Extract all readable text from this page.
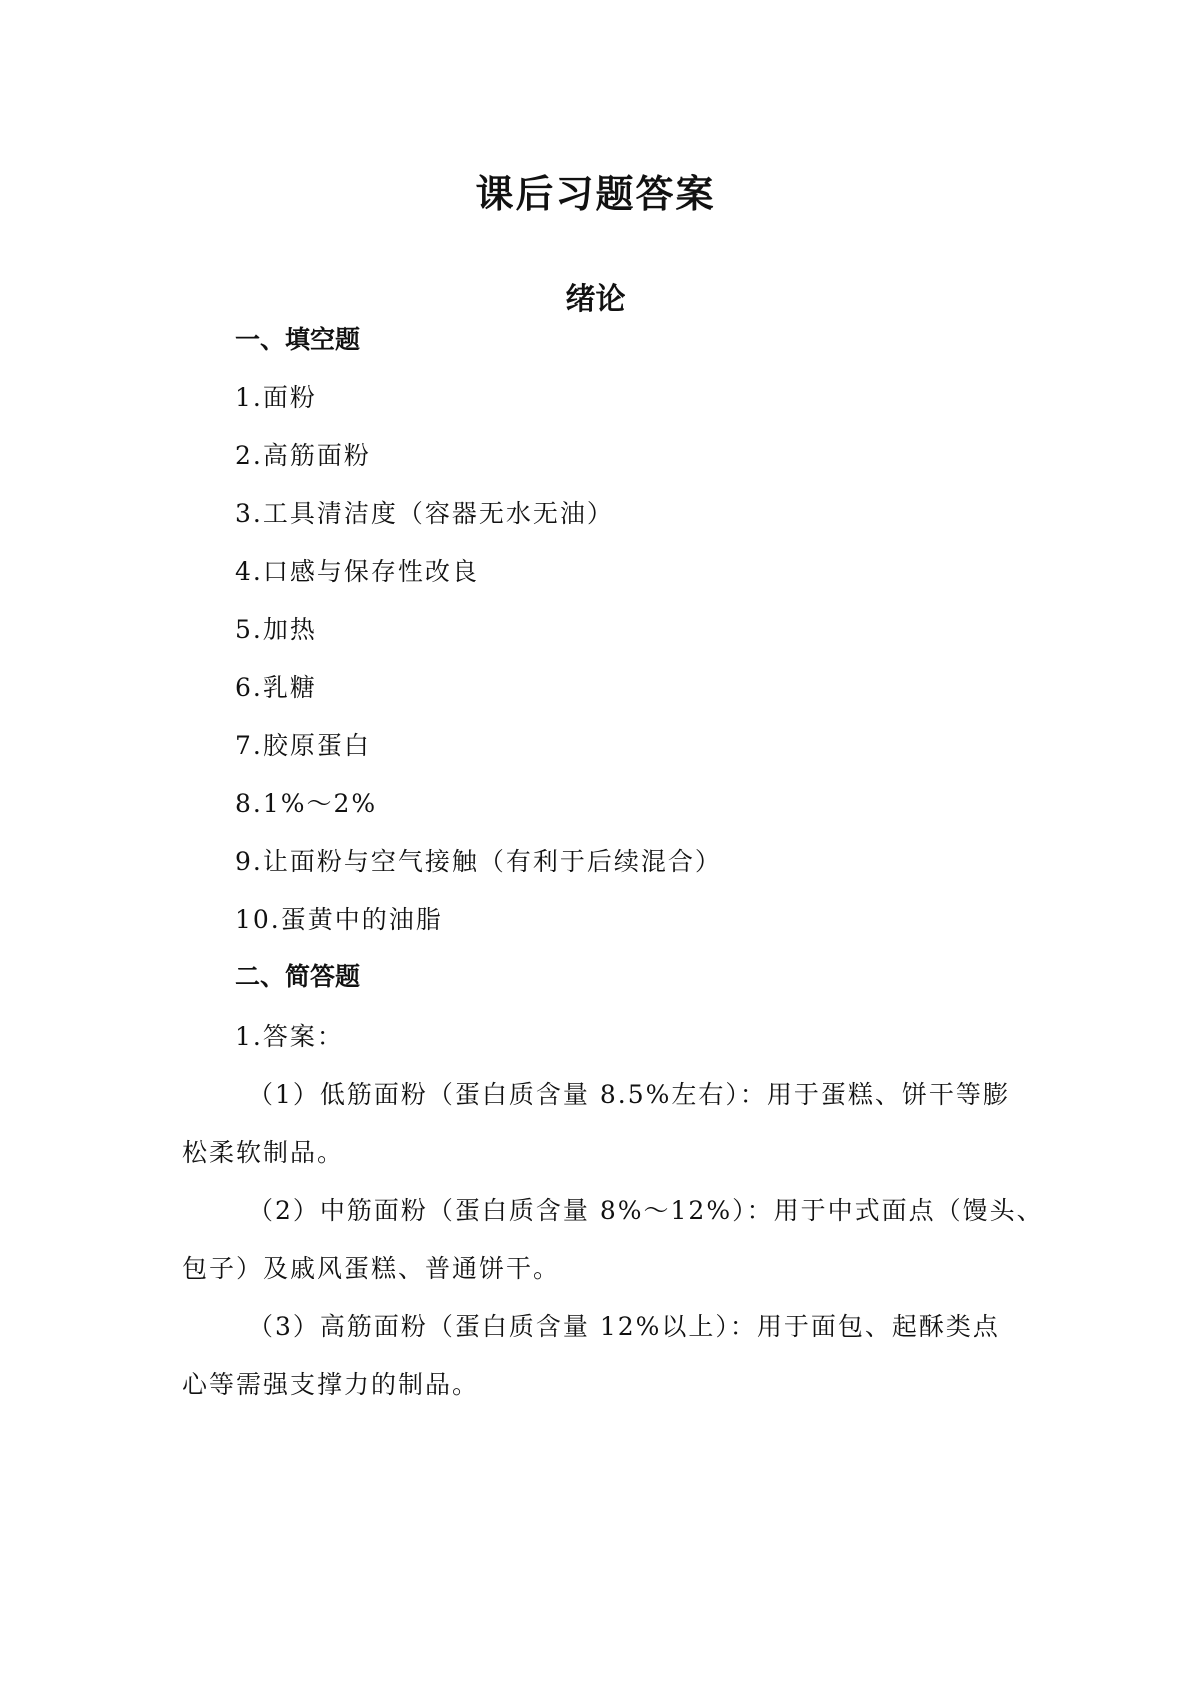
课后习题答案
绪论
一、填空题
1.面粉
2.高筋面粉
3.工具清洁度（容器无水无油）
4.口感与保存性改良
5.加热
6.乳糖
7.胶原蛋白
8.1%～2%
9.让面粉与空气接触（有利于后续混合）
10.蛋黄中的油脂
二、简答题
1.答案：
（1）低筋面粉（蛋白质含量 8.5%左右）：用于蛋糕、饼干等膨
松柔软制品。
（2）中筋面粉（蛋白质含量 8%～12%）：用于中式面点（馒头、
包子）及戚风蛋糕、普通饼干。
（3）高筋面粉（蛋白质含量 12%以上）：用于面包、起酥类点
心等需强支撑力的制品。
